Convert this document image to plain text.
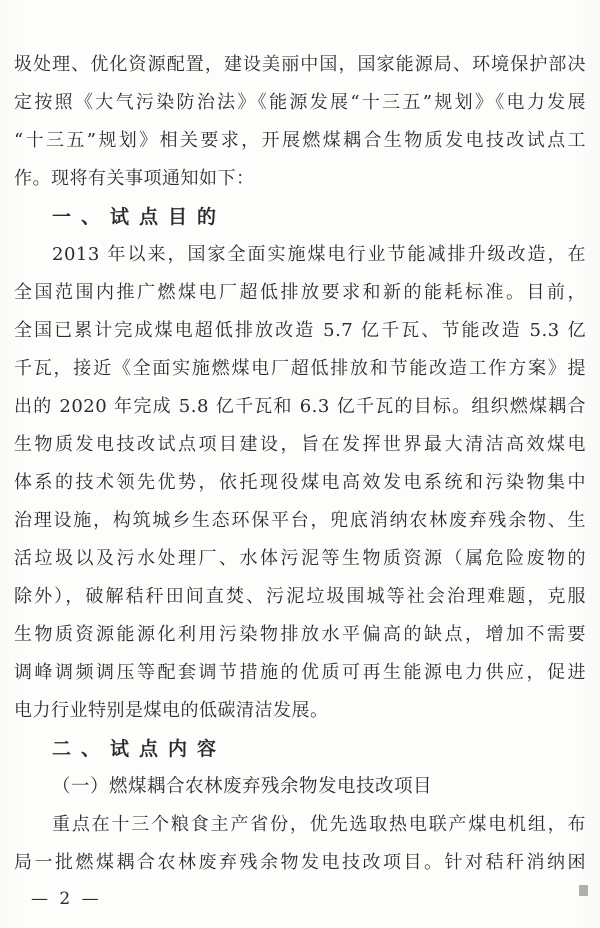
圾处理、优化资源配置，建设美丽中国，国家能源局、环境保护部决
定按照《大气污染防治法》《能源发展“十三五”规划》《电力发展
“十三五”规划》相关要求，开展燃煤耦合生物质发电技改试点工
作。现将有关事项通知如下：
一、试点目的
2013 年以来，国家全面实施煤电行业节能减排升级改造，在
全国范围内推广燃煤电厂超低排放要求和新的能耗标准。目前，
全国已累计完成煤电超低排放改造 5.7 亿千瓦、节能改造 5.3 亿
千瓦，接近《全面实施燃煤电厂超低排放和节能改造工作方案》提
出的 2020 年完成 5.8 亿千瓦和 6.3 亿千瓦的目标。组织燃煤耦合
生物质发电技改试点项目建设，旨在发挥世界最大清洁高效煤电
体系的技术领先优势，依托现役煤电高效发电系统和污染物集中
治理设施，构筑城乡生态环保平台，兜底消纳农林废弃残余物、生
活垃圾以及污水处理厂、水体污泥等生物质资源（属危险废物的
除外），破解秸秆田间直焚、污泥垃圾围城等社会治理难题，克服
生物质资源能源化利用污染物排放水平偏高的缺点，增加不需要
调峰调频调压等配套调节措施的优质可再生能源电力供应，促进
电力行业特别是煤电的低碳清洁发展。
二、试点内容
（一）燃煤耦合农林废弃残余物发电技改项目
重点在十三个粮食主产省份，优先选取热电联产煤电机组，布
局一批燃煤耦合农林废弃残余物发电技改项目。针对秸秆消纳困
— 2 —
